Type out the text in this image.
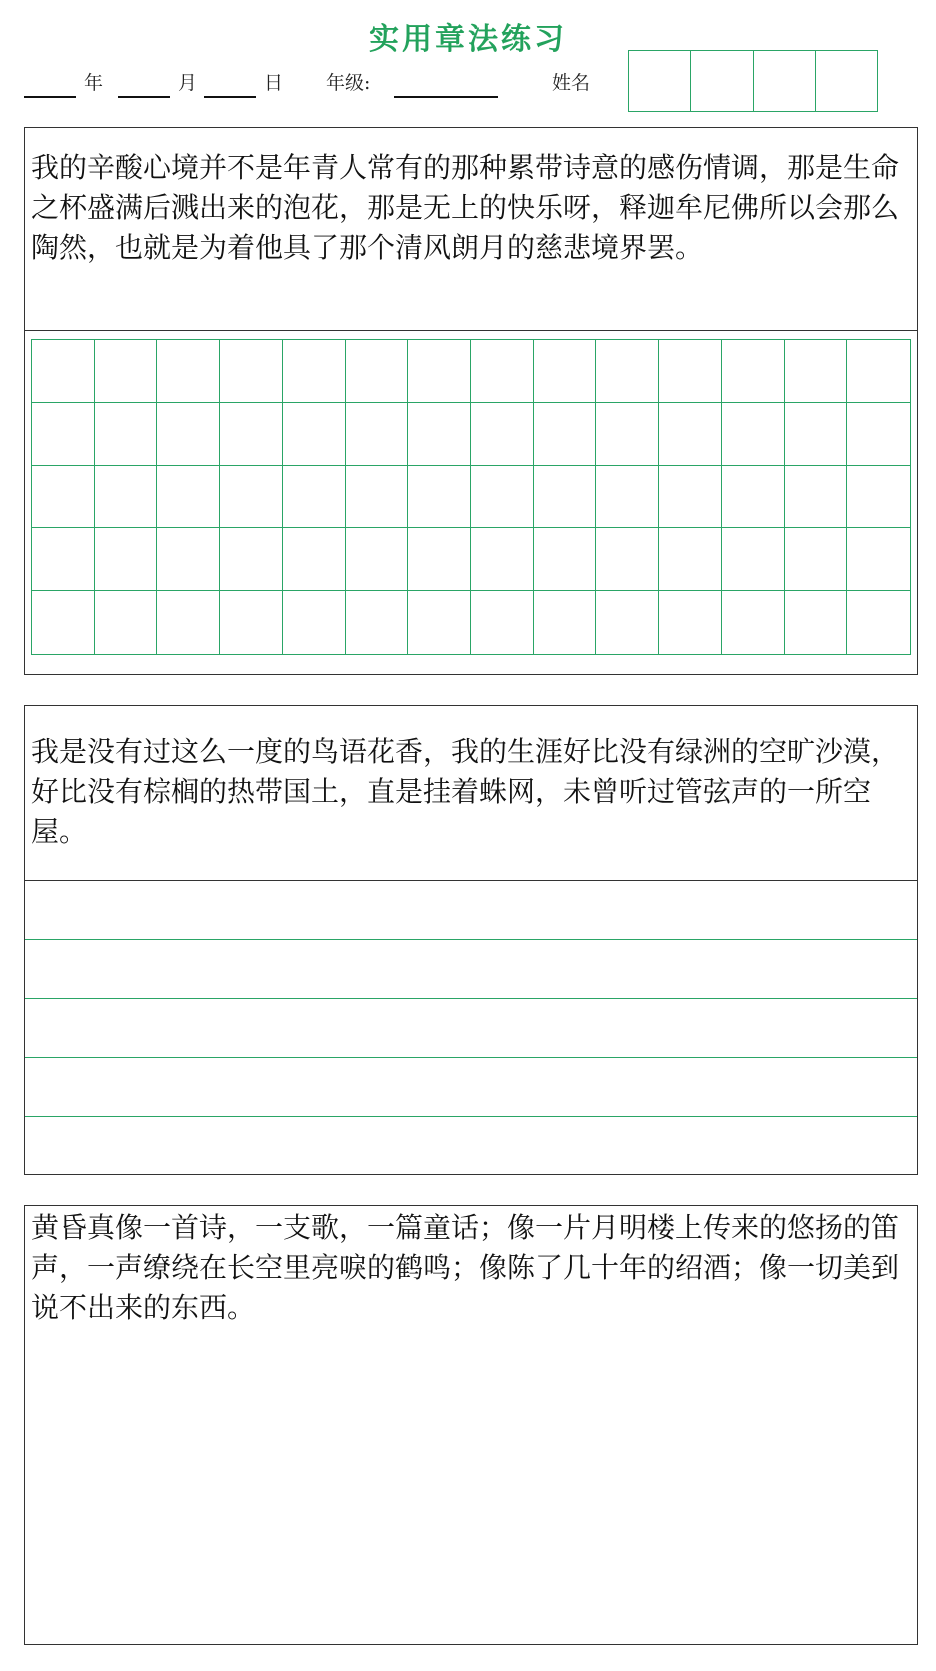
实用章法练习
年	月	日 年级:	姓名

我的辛酸心境并不是年青人常有的那种累带诗意的感伤情调，那是生命之杯盛满后溅出来的泡花，那是无上的快乐呀，释迦牟尼佛所以会那么陶然，也就是为着他具了那个清风朗月的慈悲境界罢。

我是没有过这么一度的鸟语花香，我的生涯好比没有绿洲的空旷沙漠，好比没有棕榈的热带国土，直是挂着蛛网，未曾听过管弦声的一所空屋。

黄昏真像一首诗，一支歌，一篇童话；像一片月明楼上传来的悠扬的笛声，一声缭绕在长空里亮唳的鹤鸣；像陈了几十年的绍酒；像一切美到说不出来的东西。
